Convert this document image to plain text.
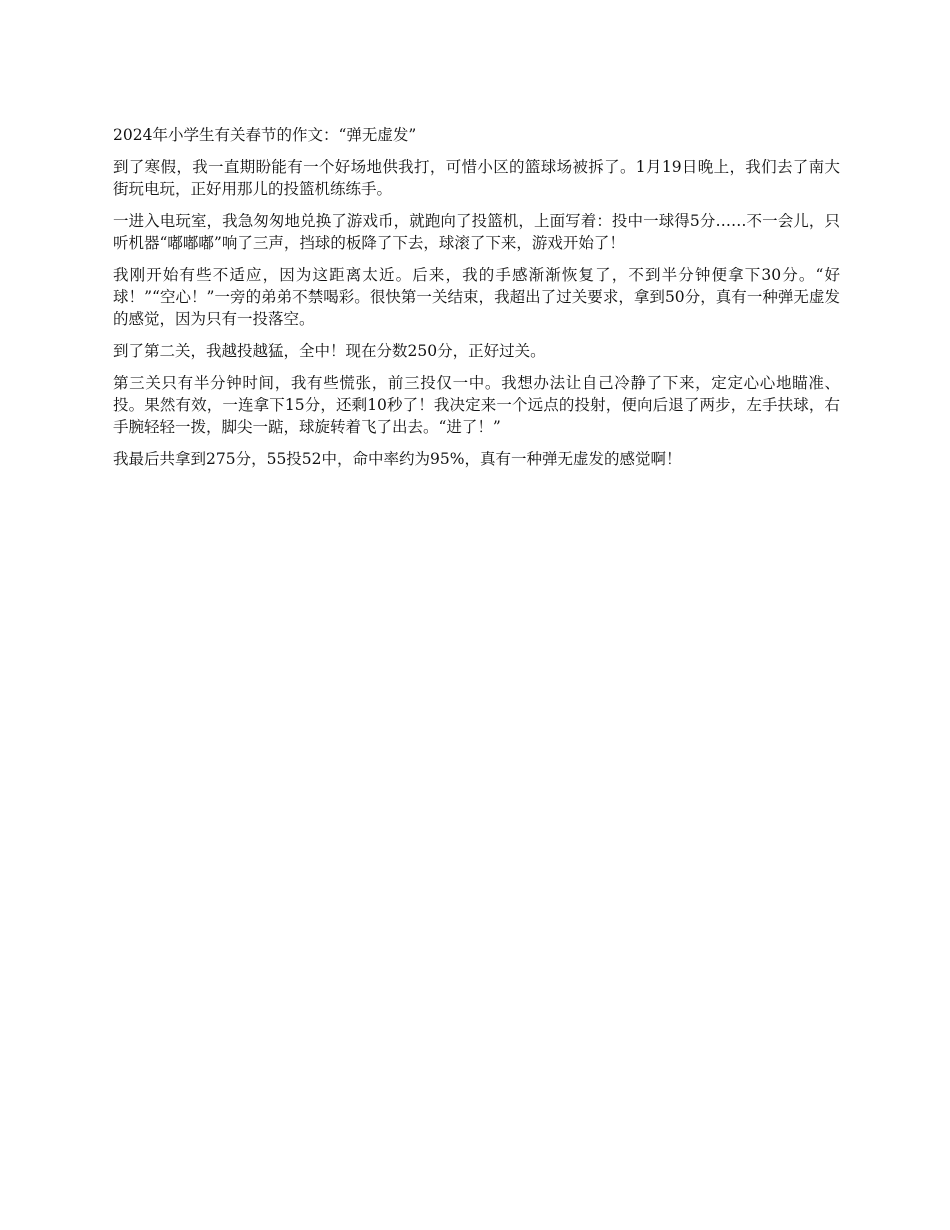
2024年小学生有关春节的作文：“弹无虚发”

到了寒假，我一直期盼能有一个好场地供我打，可惜小区的篮球场被拆了。1月19日晚上，我们去了南大街玩电玩，正好用那儿的投篮机练练手。

一进入电玩室，我急匆匆地兑换了游戏币，就跑向了投篮机，上面写着：投中一球得5分……不一会儿，只听机器“嘟嘟嘟”响了三声，挡球的板降了下去，球滚了下来，游戏开始了！

我刚开始有些不适应，因为这距离太近。后来，我的手感渐渐恢复了，不到半分钟便拿下30分。“好球！”“空心！”一旁的弟弟不禁喝彩。很快第一关结束，我超出了过关要求，拿到50分，真有一种弹无虚发的感觉，因为只有一投落空。

到了第二关，我越投越猛，全中！现在分数250分，正好过关。

第三关只有半分钟时间，我有些慌张，前三投仅一中。我想办法让自己冷静了下来，定定心心地瞄准、投。果然有效，一连拿下15分，还剩10秒了！我决定来一个远点的投射，便向后退了两步，左手扶球，右手腕轻轻一拨，脚尖一踮，球旋转着飞了出去。“进了！”

我最后共拿到275分，55投52中，命中率约为95%，真有一种弹无虚发的感觉啊！
